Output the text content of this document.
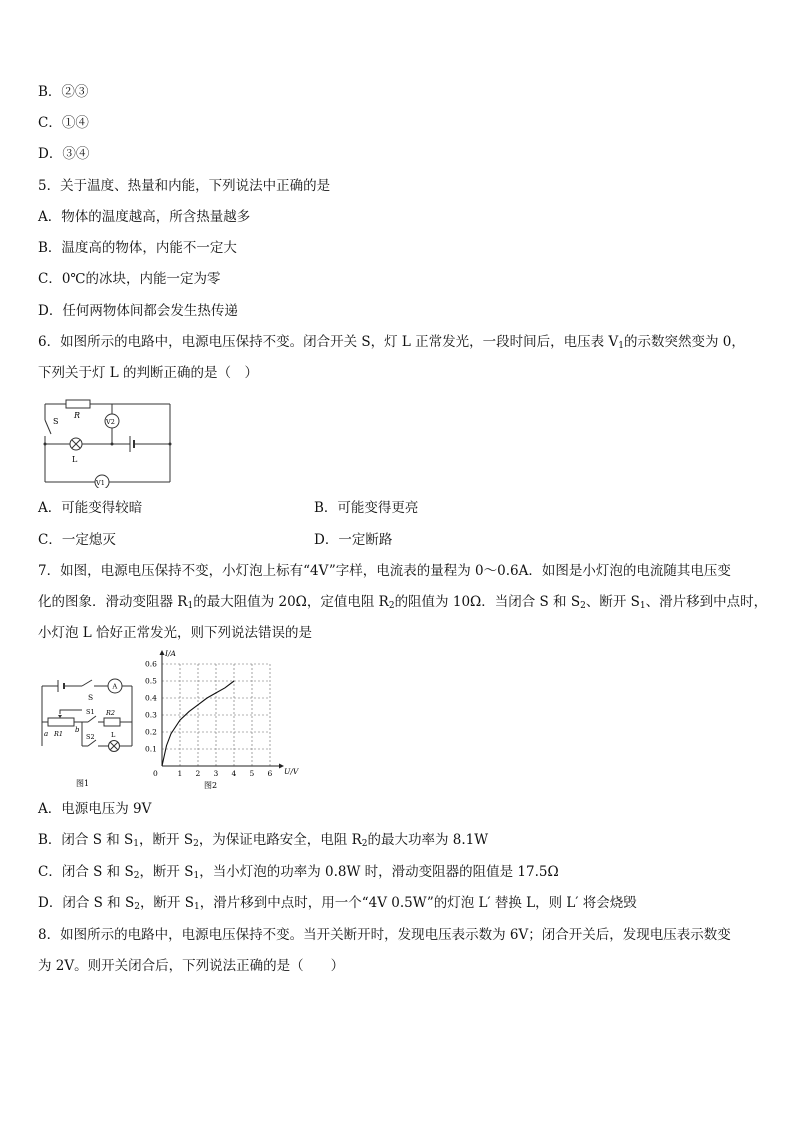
B．②③
C．①④
D．③④
5．关于温度、热量和内能，下列说法中正确的是
A．物体的温度越高，所含热量越多
B．温度高的物体，内能不一定大
C．0℃的冰块，内能一定为零
D．任何两物体间都会发生热传递
6．如图所示的电路中，电源电压保持不变。闭合开关 S，灯 L 正常发光，一段时间后，电压表 $V_1$的示数突然变为 0，
下列关于灯 L 的判断正确的是（　）
S
R
L
V2
V1
A．可能变得较暗	B．可能变得更亮
C．一定熄灭	D．一定断路
7．如图，电源电压保持不变，小灯泡上标有“4V”字样，电流表的量程为 0～0.6A．如图是小灯泡的电流随其电压变
化的图象．滑动变阻器 $R_1$的最大阻值为 20Ω，定值电阻 $R_2$的阻值为 10Ω．当闭合 S 和 $S_2$、断开 $S_1$、滑片移到中点时，
小灯泡 L 恰好正常发光，则下列说法错误的是
S
A
S1 R2
a R1 b
S2	L
图1
0	1 2 3 4 5 6
0.1
0.2
0.3
0.4
0.5
0.6
I/A
U/V
图2
A．电源电压为 9V
B．闭合 S 和 $S_1$，断开 $S_2$，为保证电路安全，电阻 $R_2$的最大功率为 8.1W
C．闭合 S 和 $S_2$，断开 $S_1$，当小灯泡的功率为 0.8W 时，滑动变阻器的阻值是 17.5Ω
D．闭合 S 和 $S_2$，断开 $S_1$，滑片移到中点时，用一个“4V 0.5W”的灯泡 L′ 替换 L，则 L′ 将会烧毁
8．如图所示的电路中，电源电压保持不变。当开关断开时，发现电压表示数为 6V；闭合开关后，发现电压表示数变
为 2V。则开关闭合后，下列说法正确的是（　　）
